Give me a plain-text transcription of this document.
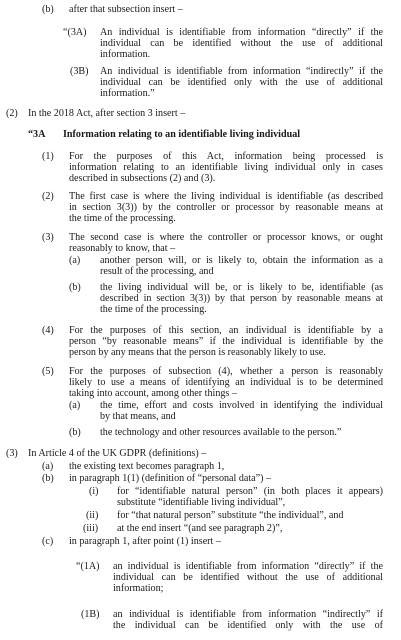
(b) after that subsection insert –
“(3A) An individual is identifiable from information “directly” if the
individual can be identified without the use of additional
information.
(3B) An individual is identifiable from information “indirectly” if the
individual can be identified only with the use of additional
information.”
(2) In the 2018 Act, after section 3 insert –
“3A Information relating to an identifiable living individual
(1) For the purposes of this Act, information being processed is
information relating to an identifiable living individual only in cases
described in subsections (2) and (3).
(2) The first case is where the living individual is identifiable (as described
in section 3(3)) by the controller or processor by reasonable means at
the time of the processing.
(3) The second case is where the controller or processor knows, or ought
reasonably to know, that –
(a) another person will, or is likely to, obtain the information as a
result of the processing, and
(b) the living individual will be, or is likely to be, identifiable (as
described in section 3(3)) by that person by reasonable means at
the time of the processing.
(4) For the purposes of this section, an individual is identifiable by a
person “by reasonable means” if the individual is identifiable by the
person by any means that the person is reasonably likely to use.
(5) For the purposes of subsection (4), whether a person is reasonably
likely to use a means of identifying an individual is to be determined
taking into account, among other things –
(a) the time, effort and costs involved in identifying the individual
by that means, and
(b) the technology and other resources available to the person.”
(3) In Article 4 of the UK GDPR (definitions) –
(a) the existing text becomes paragraph 1,
(b) in paragraph 1(1) (definition of “personal data”) –
(i) for “identifiable natural person” (in both places it appears)
substitute “identifiable living individual”,
(ii) for “that natural person” substitute “the individual”, and
(iii) at the end insert “(and see paragraph 2)”,
(c) in paragraph 1, after point (1) insert –
“(1A) an individual is identifiable from information “directly” if the
individual can be identified without the use of additional
information;
(1B) an individual is identifiable from information “indirectly” if
the individual can be identified only with the use of
